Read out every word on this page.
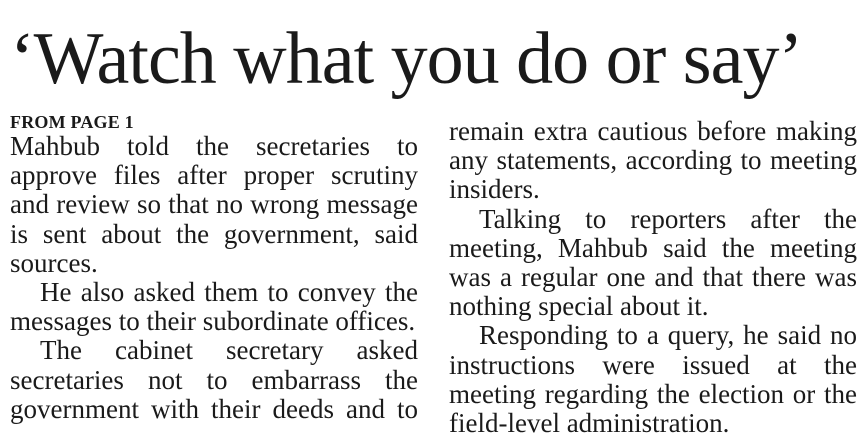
‘Watch what you do or say’

FROM PAGE 1

Mahbub told the secretaries to approve files after proper scrutiny and review so that no wrong message is sent about the government, said sources.

He also asked them to convey the messages to their subordinate offices.

The cabinet secretary asked secretaries not to embarrass the government with their deeds and to

remain extra cautious before making any statements, according to meeting insiders.

Talking to reporters after the meeting, Mahbub said the meeting was a regular one and that there was nothing special about it.

Responding to a query, he said no instructions were issued at the meeting regarding the election or the field-level administration.
